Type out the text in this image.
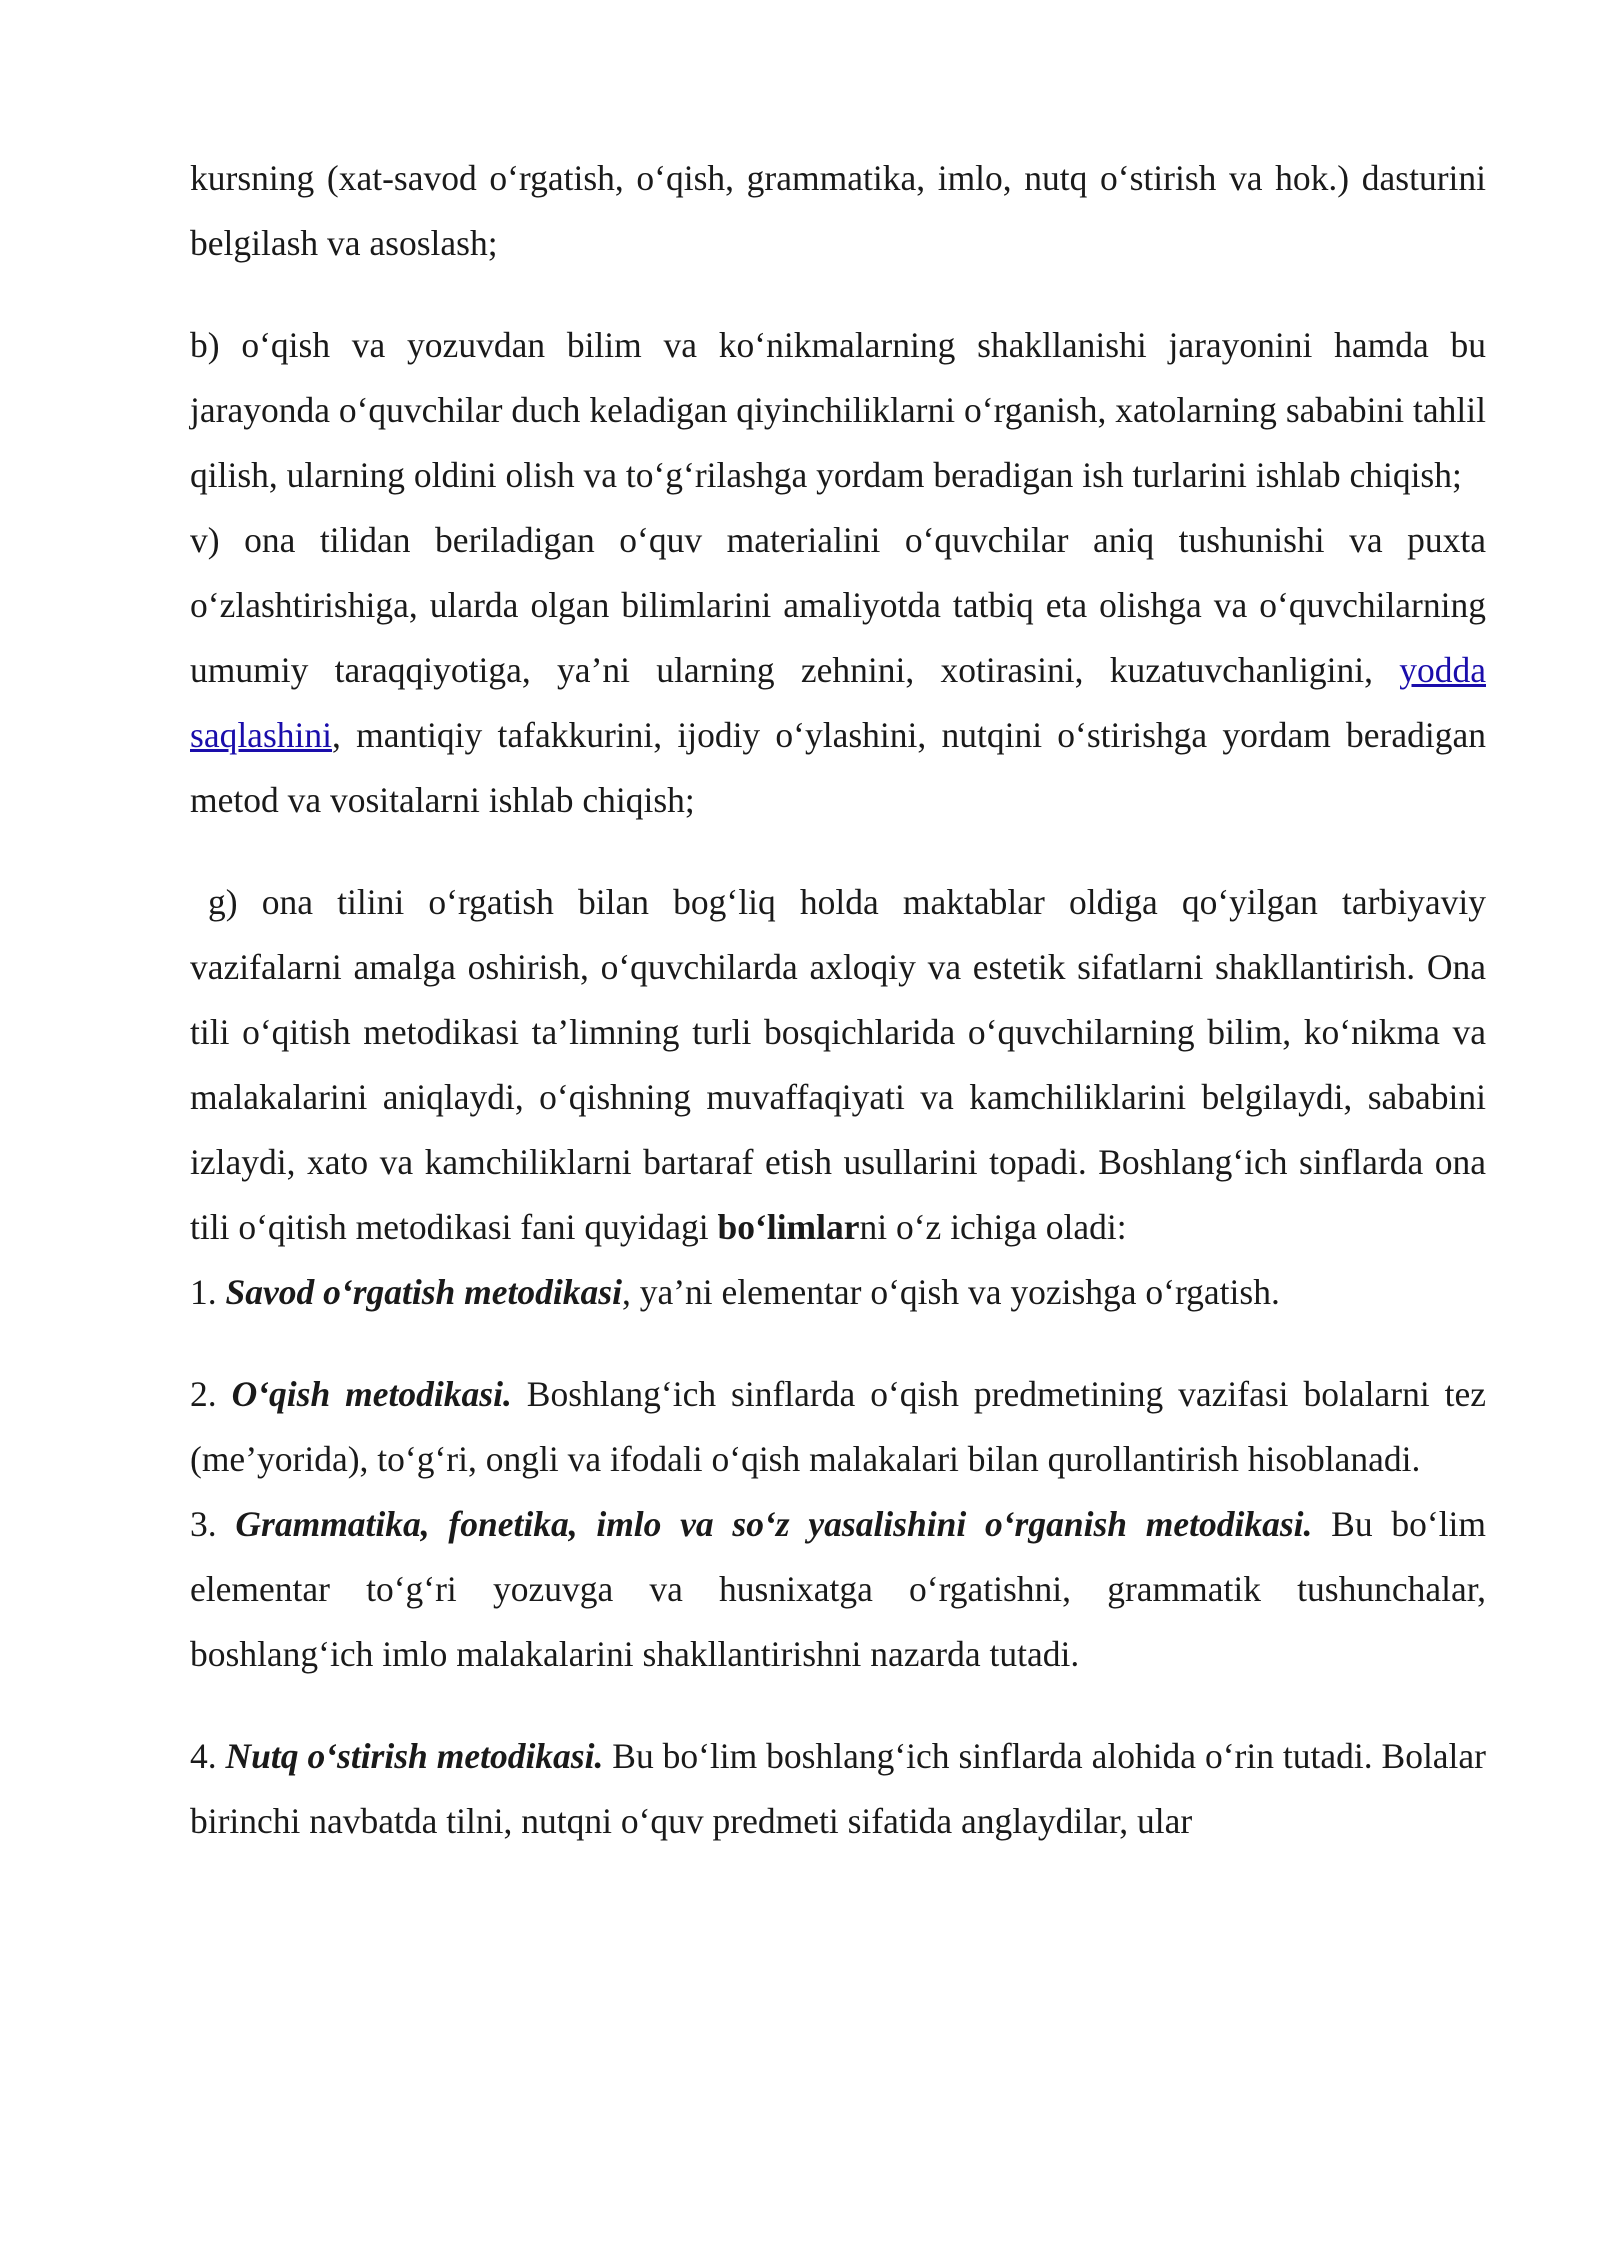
kursning (xat-savod o‘rgatish, o‘qish, grammatika, imlo, nutq o‘stirish va hok.) dasturini belgilash va asoslash;

b) o‘qish va yozuvdan bilim va ko‘nikmalarning shakllanishi jarayonini hamda bu jarayonda o‘quvchilar duch keladigan qiyinchiliklarni o‘rganish, xatolarning sababini tahlil qilish, ularning oldini olish va to‘g‘rilashga yordam beradigan ish turlarini ishlab chiqish;

v) ona tilidan beriladigan o‘quv materialini o‘quvchilar aniq tushunishi va puxta o‘zlashtirishiga, ularda olgan bilimlarini amaliyotda tatbiq eta olishga va o‘quvchilarning umumiy taraqqiyotiga, ya’ni ularning zehnini, xotirasini, kuzatuvchanligini, yodda saqlashini, mantiqiy tafakkurini, ijodiy o‘ylashini, nutqini o‘stirishga yordam beradigan metod va vositalarni ishlab chiqish;

g) ona tilini o‘rgatish bilan bog‘liq holda maktablar oldiga qo‘yilgan tarbiyaviy vazifalarni amalga oshirish, o‘quvchilarda axloqiy va estetik sifatlarni shakllantirish. Ona tili o‘qitish metodikasi ta’limning turli bosqichlarida o‘quvchilarning bilim, ko‘nikma va malakalarini aniqlaydi, o‘qishning muvaffaqiyati va kamchiliklarini belgilaydi, sababini izlaydi, xato va kamchiliklarni bartaraf etish usullarini topadi. Boshlang‘ich sinflarda ona tili o‘qitish metodikasi fani quyidagi bo‘limlarni o‘z ichiga oladi:

1. Savod o‘rgatish metodikasi, ya’ni elementar o‘qish va yozishga o‘rgatish.

2. O‘qish metodikasi. Boshlang‘ich sinflarda o‘qish predmetining vazifasi bolalarni tez (me’yorida), to‘g‘ri, ongli va ifodali o‘qish malakalari bilan qurollantirish hisoblanadi.

3. Grammatika, fonetika, imlo va so‘z yasalishini o‘rganish metodikasi. Bu bo‘lim elementar to‘g‘ri yozuvga va husnixatga o‘rgatishni, grammatik tushunchalar, boshlang‘ich imlo malakalarini shakllantirishni nazarda tutadi.

4. Nutq o‘stirish metodikasi. Bu bo‘lim boshlang‘ich sinflarda alohida o‘rin tutadi. Bolalar birinchi navbatda tilni, nutqni o‘quv predmeti sifatida anglaydilar, ular
